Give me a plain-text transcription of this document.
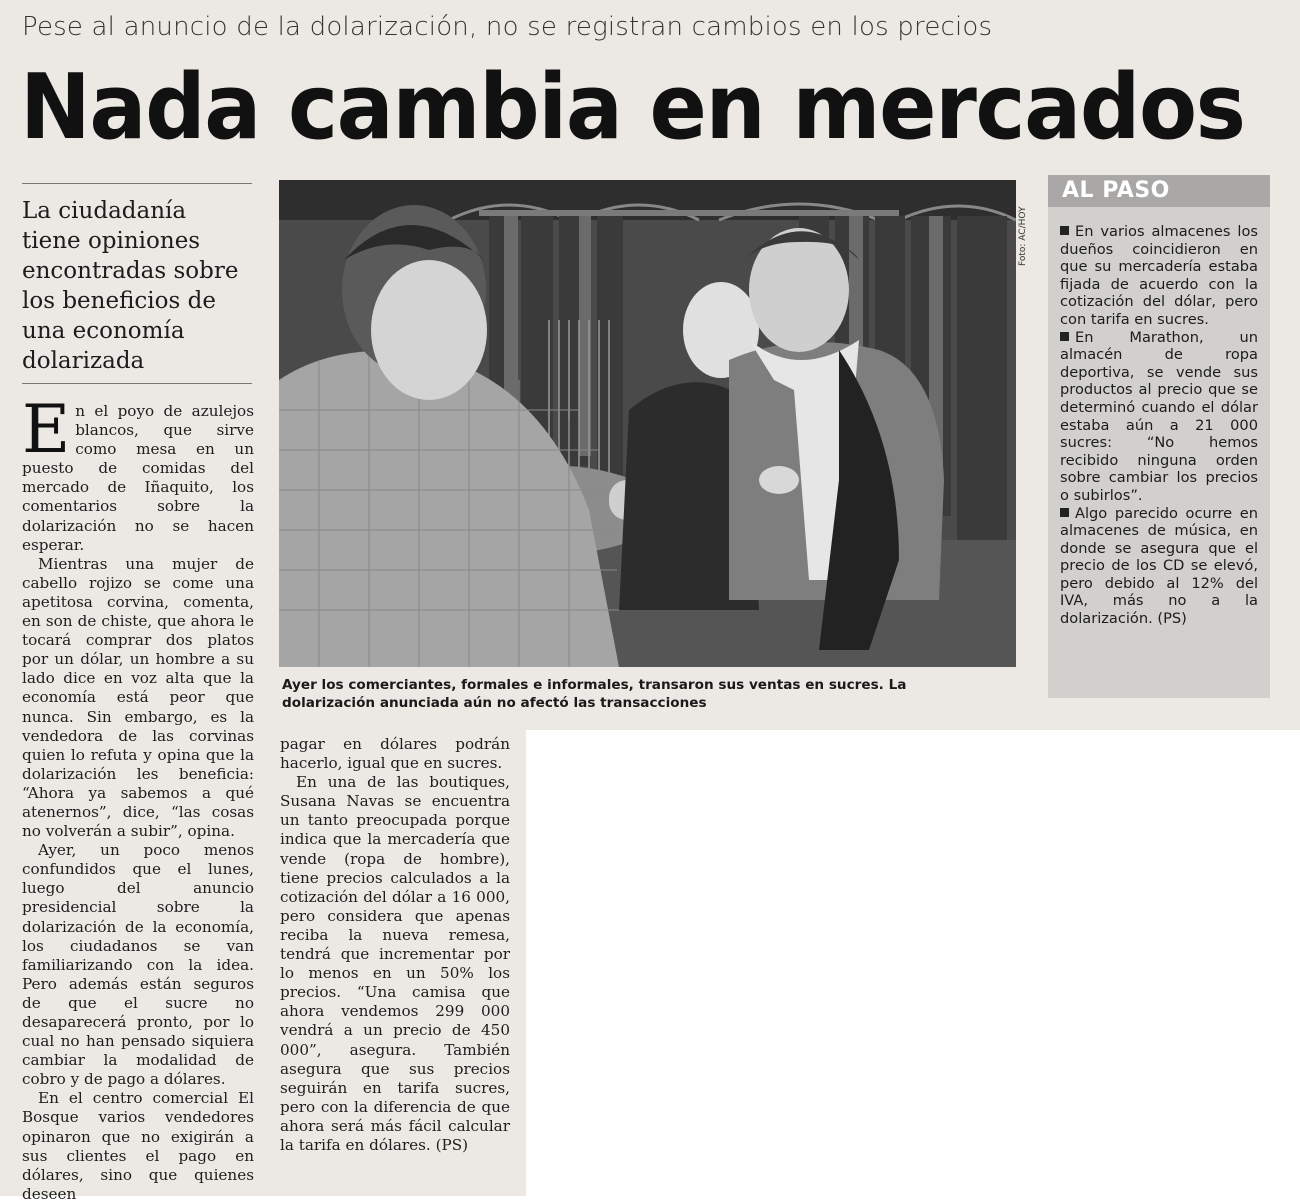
Pese al anuncio de la dolarización, no se registran cambios en los precios
Nada cambia en mercados
La ciudadanía tiene opiniones encontradas sobre los beneficios de una economía dolarizada

En el poyo de azulejos blancos, que sirve como mesa en un puesto de comidas del mercado de Iñaquito, los comentarios sobre la dolarización no se hacen esperar.

Mientras una mujer de cabello rojizo se come una apetitosa corvina, comenta, en son de chiste, que ahora le tocará comprar dos platos por un dólar, un hombre a su lado dice en voz alta que la economía está peor que nunca. Sin embargo, es la vendedora de las corvinas quien lo refuta y opina que la dolarización les beneficia: “Ahora ya sabemos a qué atenernos”, dice, “las cosas no volverán a subir”, opina.

Ayer, un poco menos confundidos que el lunes, luego del anuncio presidencial sobre la dolarización de la economía, los ciudadanos se van familiarizando con la idea. Pero además están seguros de que el sucre no desaparecerá pronto, por lo cual no han pensado siquiera cambiar la modalidad de cobro y de pago a dólares.

En el centro comercial El Bosque varios vendedores opinaron que no exigirán a sus clientes el pago en dólares, sino que quienes deseen

pagar en dólares podrán hacerlo, igual que en sucres.

En una de las boutiques, Susana Navas se encuentra un tanto preocupada porque indica que la mercadería que vende (ropa de hombre), tiene precios calculados a la cotización del dólar a 16 000, pero considera que apenas reciba la nueva remesa, tendrá que incrementar por lo menos en un 50% los precios. “Una camisa que ahora vendemos 299 000 vendrá a un precio de 450 000”, asegura. También asegura que sus precios seguirán en tarifa sucres, pero con la diferencia de que ahora será más fácil calcular la tarifa en dólares. (PS)

Foto: AC/HOY
Ayer los comerciantes, formales e informales, transaron sus ventas en sucres. La dolarización anunciada aún no afectó las transacciones
AL PASO

En varios almacenes los dueños coincidieron en que su mercadería estaba fijada de acuerdo con la cotización del dólar, pero con tarifa en sucres.

En Marathon, un almacén de ropa deportiva, se vende sus productos al precio que se determinó cuando el dólar estaba aún a 21 000 sucres: “No hemos recibido ninguna orden sobre cambiar los precios o subirlos”.

Algo parecido ocurre en almacenes de música, en donde se asegura que el precio de los CD se elevó, pero debido al 12% del IVA, más no a la dolarización. (PS)
